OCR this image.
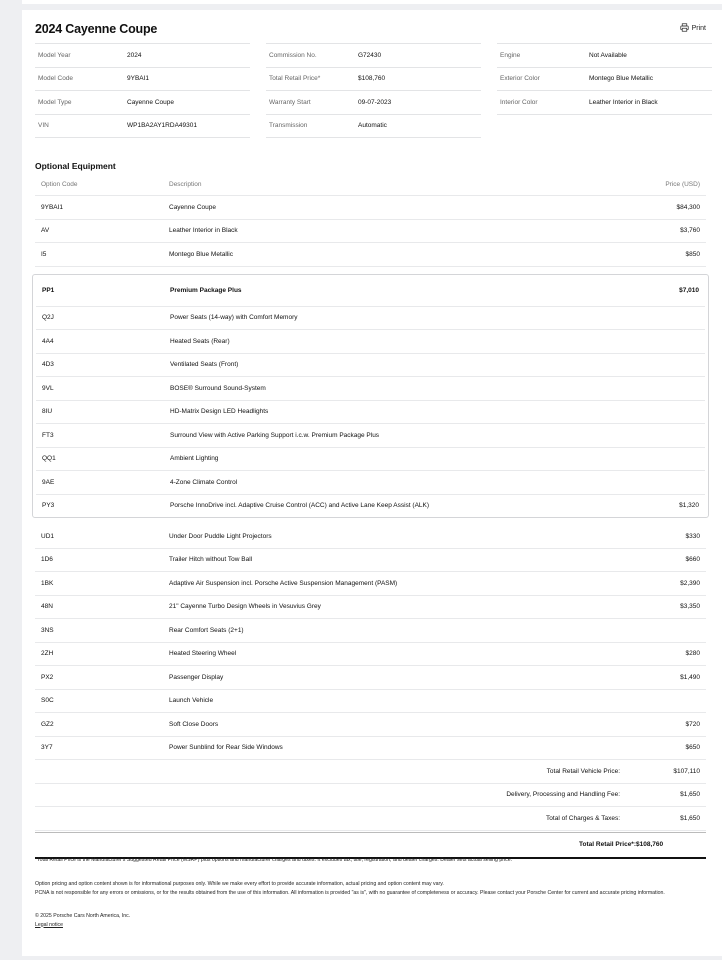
2024 Cayenne Coupe	Print
Model Year	2024
Model Code	9YBAI1
Model Type	Cayenne Coupe
VIN	WP1BA2AY1RDA49301
Commission No.	G72430
Total Retail Price*	$108,760
Warranty Start	09-07-2023
Transmission	Automatic
Engine	Not Available
Exterior Color	Montego Blue Metallic
Interior Color	Leather Interior in Black
Optional Equipment
Option Code	Description	Price (USD)
9YBAI1	Cayenne Coupe	$84,300
AV	Leather Interior in Black	$3,760
I5	Montego Blue Metallic	$850
PP1	Premium Package Plus	$7,010
Q2J	Power Seats (14-way) with Comfort Memory
4A4	Heated Seats (Rear)
4D3	Ventilated Seats (Front)
9VL	BOSE® Surround Sound-System
8IU	HD-Matrix Design LED Headlights
FT3	Surround View with Active Parking Support i.c.w. Premium Package Plus
QQ1	Ambient Lighting
9AE	4-Zone Climate Control
PY3	Porsche InnoDrive incl. Adaptive Cruise Control (ACC) and Active Lane Keep Assist (ALK)	$1,320
UD1	Under Door Puddle Light Projectors	$330
1D6	Trailer Hitch without Tow Ball	$660
1BK	Adaptive Air Suspension incl. Porsche Active Suspension Management (PASM)	$2,390
48N	21" Cayenne Turbo Design Wheels in Vesuvius Grey	$3,350
3NS	Rear Comfort Seats (2+1)
2ZH	Heated Steering Wheel	$280
PX2	Passenger Display	$1,490
S0C	Launch Vehicle
GZ2	Soft Close Doors	$720
3Y7	Power Sunblind for Rear Side Windows	$650
Total Retail Vehicle Price:	$107,110
Delivery, Processing and Handling Fee:	$1,650
Total of Charges & Taxes:	$1,650
Total Retail Price*: $108,760
*Total Retail Price is the Manufacturer's Suggested Retail Price (MSRP) plus options and manufacturer charges and taxes. It excludes tax, title, registration, and dealer charges. Dealer sets actual selling price.
Option pricing and option content shown is for informational purposes only. While we make every effort to provide accurate information, actual pricing and option content may vary.
PCNA is not responsible for any errors or omissions, or for the results obtained from the use of this information. All information is provided "as is", with no guarantee of completeness or accuracy. Please contact your Porsche Center for current and accurate pricing information.
© 2025 Porsche Cars North America, Inc.
Legal notice
